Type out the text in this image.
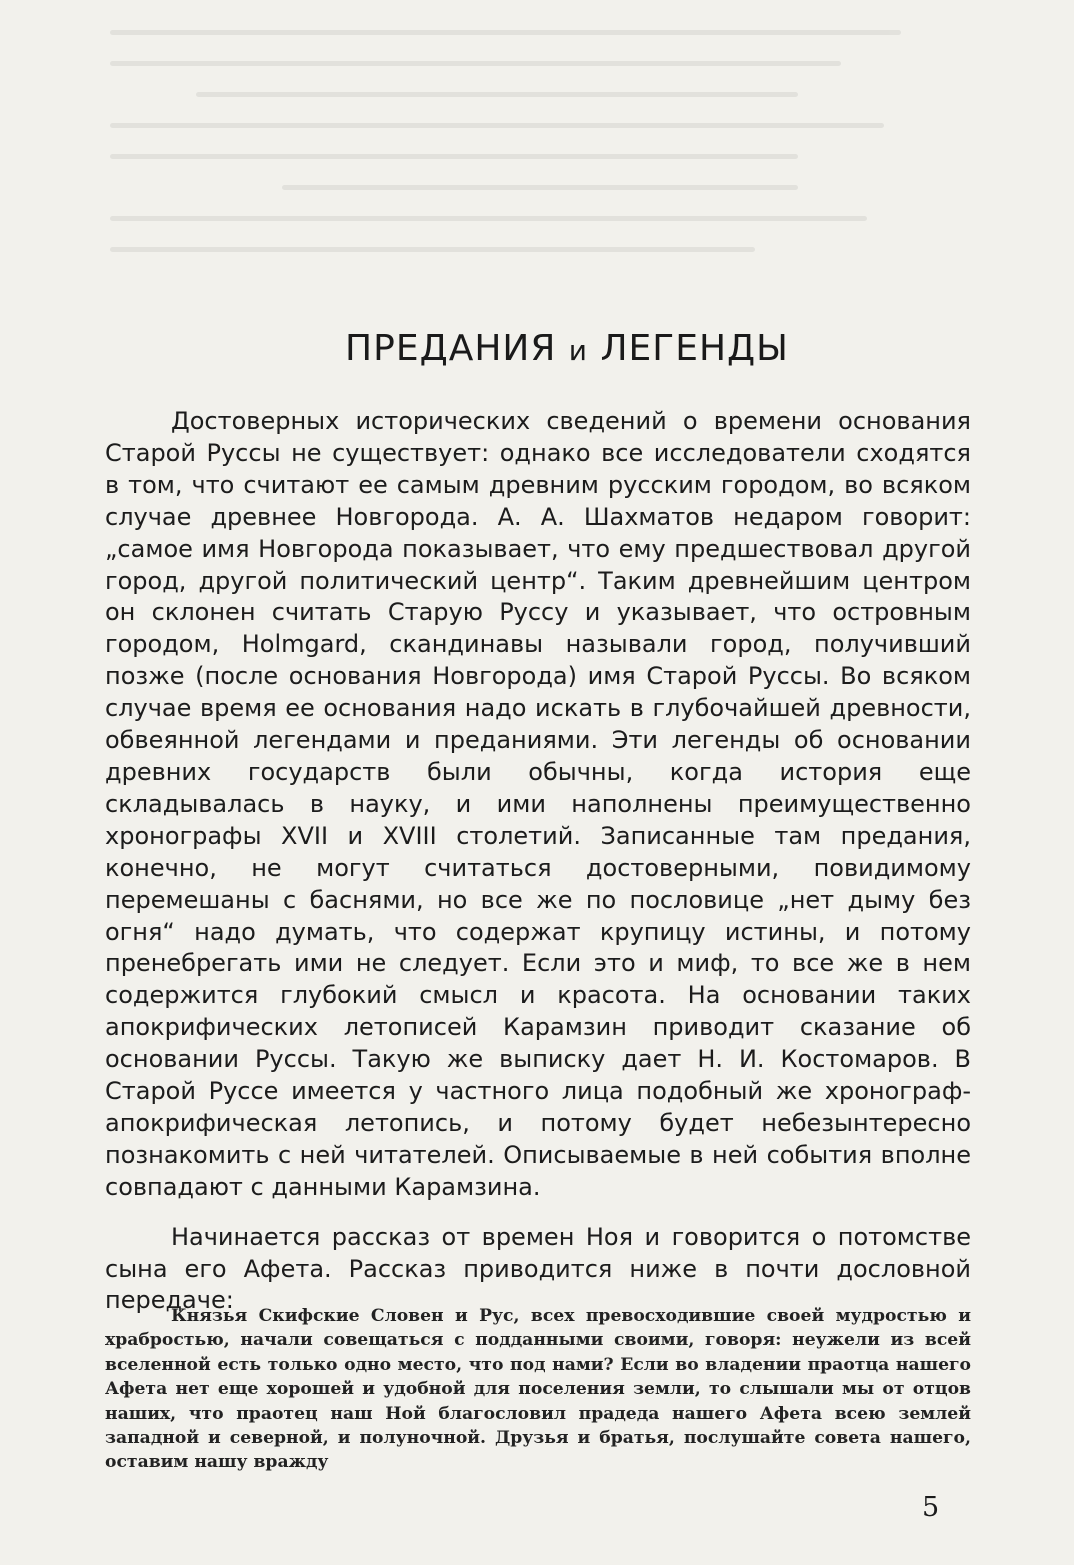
ПРЕДАНИЯ и ЛЕГЕНДЫ

Достоверных исторических сведений о времени основания Старой Руссы не существует: однако все исследователи сходятся в том, что считают ее самым древним русским городом, во всяком случае древнее Новгорода. А. А. Шахматов недаром говорит: „самое имя Новгорода показывает, что ему предшествовал другой город, другой политический центр“. Таким древнейшим центром он склонен считать Старую Руссу и указывает, что островным городом, Holmgard, скандинавы называли город, получивший позже (после основания Новгорода) имя Старой Руссы. Во всяком случае время ее основания надо искать в глубочайшей древности, обвеянной легендами и преданиями. Эти легенды об основании древних государств были обычны, когда история еще складывалась в науку, и ими наполнены преимущественно хронографы XVII и XVIII столетий. Записанные там предания, конечно, не могут считаться достоверными, повидимому перемешаны с баснями, но все же по пословице „нет дыму без огня“ надо думать, что содержат крупицу истины, и потому пренебрегать ими не следует. Если это и миф, то все же в нем содержится глубокий смысл и красота. На основании таких апокрифических летописей Карамзин приводит сказание об основании Руссы. Такую же выписку дает Н. И. Костомаров. В Старой Руссе имеется у частного лица подобный же хронограф-апокрифическая летопись, и потому будет небезынтересно познакомить с ней читателей. Описываемые в ней события вполне совпадают с данными Карамзина.

Начинается рассказ от времен Ноя и говорится о потомстве сына его Афета. Рассказ приводится ниже в почти дословной передаче:

Князья Скифские Словен и Рус, всех превосходившие своей мудростью и храбростью, начали совещаться с подданными своими, говоря: неужели из всей вселенной есть только одно место, что под нами? Если во владении праотца нашего Афета нет еще хорошей и удобной для поселения земли, то слышали мы от отцов наших, что праотец наш Ной благословил прадеда нашего Афета всею землей западной и северной, и полуночной. Друзья и братья, послушайте совета нашего, оставим нашу вражду

5
